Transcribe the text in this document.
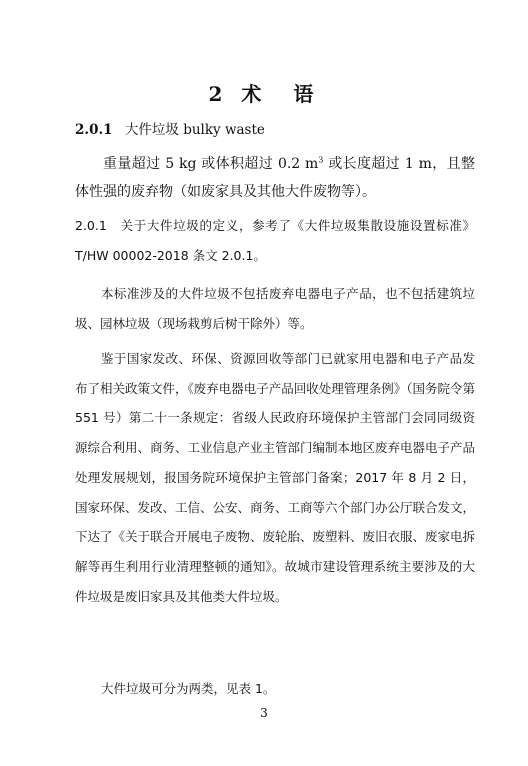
2 术　语
2.0.1 大件垃圾 bulky waste
重量超过 5 kg 或体积超过 0.2 $m^3$ 或长度超过 1 m，且整体性强的废弃物（如废家具及其他大件废物等）。
2.0.1　关于大件垃圾的定义，参考了《大件垃圾集散设施设置标准》T/HW 00002-2018 条文 2.0.1。
本标准涉及的大件垃圾不包括废弃电器电子产品，也不包括建筑垃圾、园林垃圾（现场栽剪后树干除外）等。
鉴于国家发改、环保、资源回收等部门已就家用电器和电子产品发布了相关政策文件，《废弃电器电子产品回收处理管理条例》（国务院令第 551 号）第二十一条规定：省级人民政府环境保护主管部门会同同级资源综合利用、商务、工业信息产业主管部门编制本地区废弃电器电子产品处理发展规划，报国务院环境保护主管部门备案；2017 年 8 月 2 日，国家环保、发改、工信、公安、商务、工商等六个部门办公厅联合发文，下达了《关于联合开展电子废物、废轮胎、废塑料、废旧衣服、废家电拆解等再生利用行业清理整顿的通知》。故城市建设管理系统主要涉及的大件垃圾是废旧家具及其他类大件垃圾。
大件垃圾可分为两类，见表 1。
3
